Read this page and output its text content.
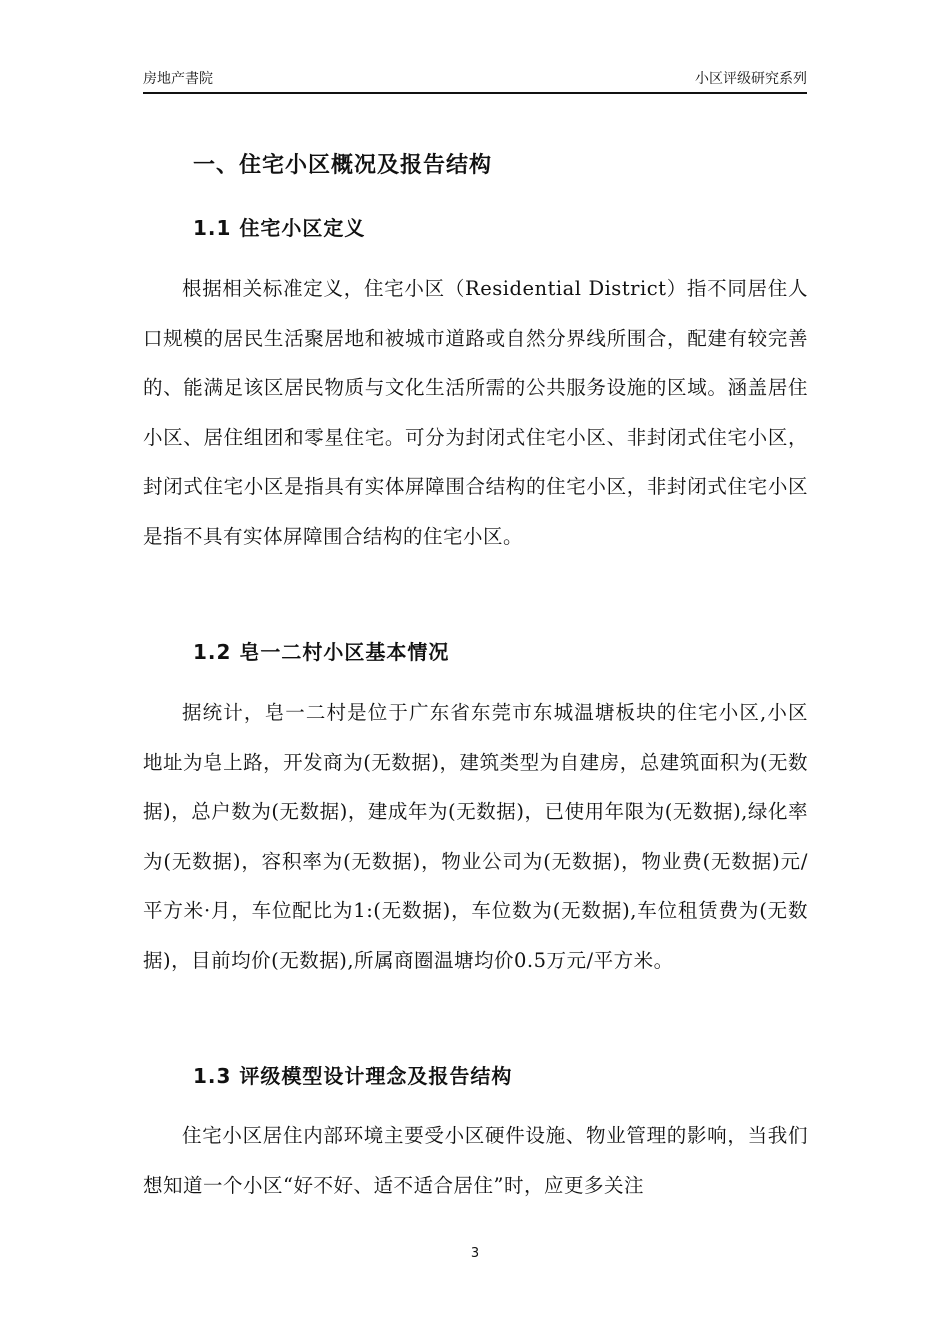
房地产書院	小区评级研究系列
一、住宅小区概况及报告结构
1.1 住宅小区定义

根据相关标准定义，住宅小区（Residential District）指不同居住人口规模的居民生活聚居地和被城市道路或自然分界线所围合，配建有较完善的、能满足该区居民物质与文化生活所需的公共服务设施的区域。涵盖居住小区、居住组团和零星住宅。可分为封闭式住宅小区、非封闭式住宅小区，封闭式住宅小区是指具有实体屏障围合结构的住宅小区，非封闭式住宅小区是指不具有实体屏障围合结构的住宅小区。

1.2 皂一二村小区基本情况

据统计，皂一二村是位于广东省东莞市东城温塘板块的住宅小区,小区地址为皂上路，开发商为(无数据)，建筑类型为自建房，总建筑面积为(无数据)，总户数为(无数据)，建成年为(无数据)，已使用年限为(无数据),绿化率为(无数据)，容积率为(无数据)，物业公司为(无数据)，物业费(无数据)元/平方米·月，车位配比为1:(无数据)，车位数为(无数据),车位租赁费为(无数据)，目前均价(无数据),所属商圈温塘均价0.5万元/平方米。

1.3 评级模型设计理念及报告结构

住宅小区居住内部环境主要受小区硬件设施、物业管理的影响，当我们想知道一个小区“好不好、适不适合居住”时，应更多关注

3
